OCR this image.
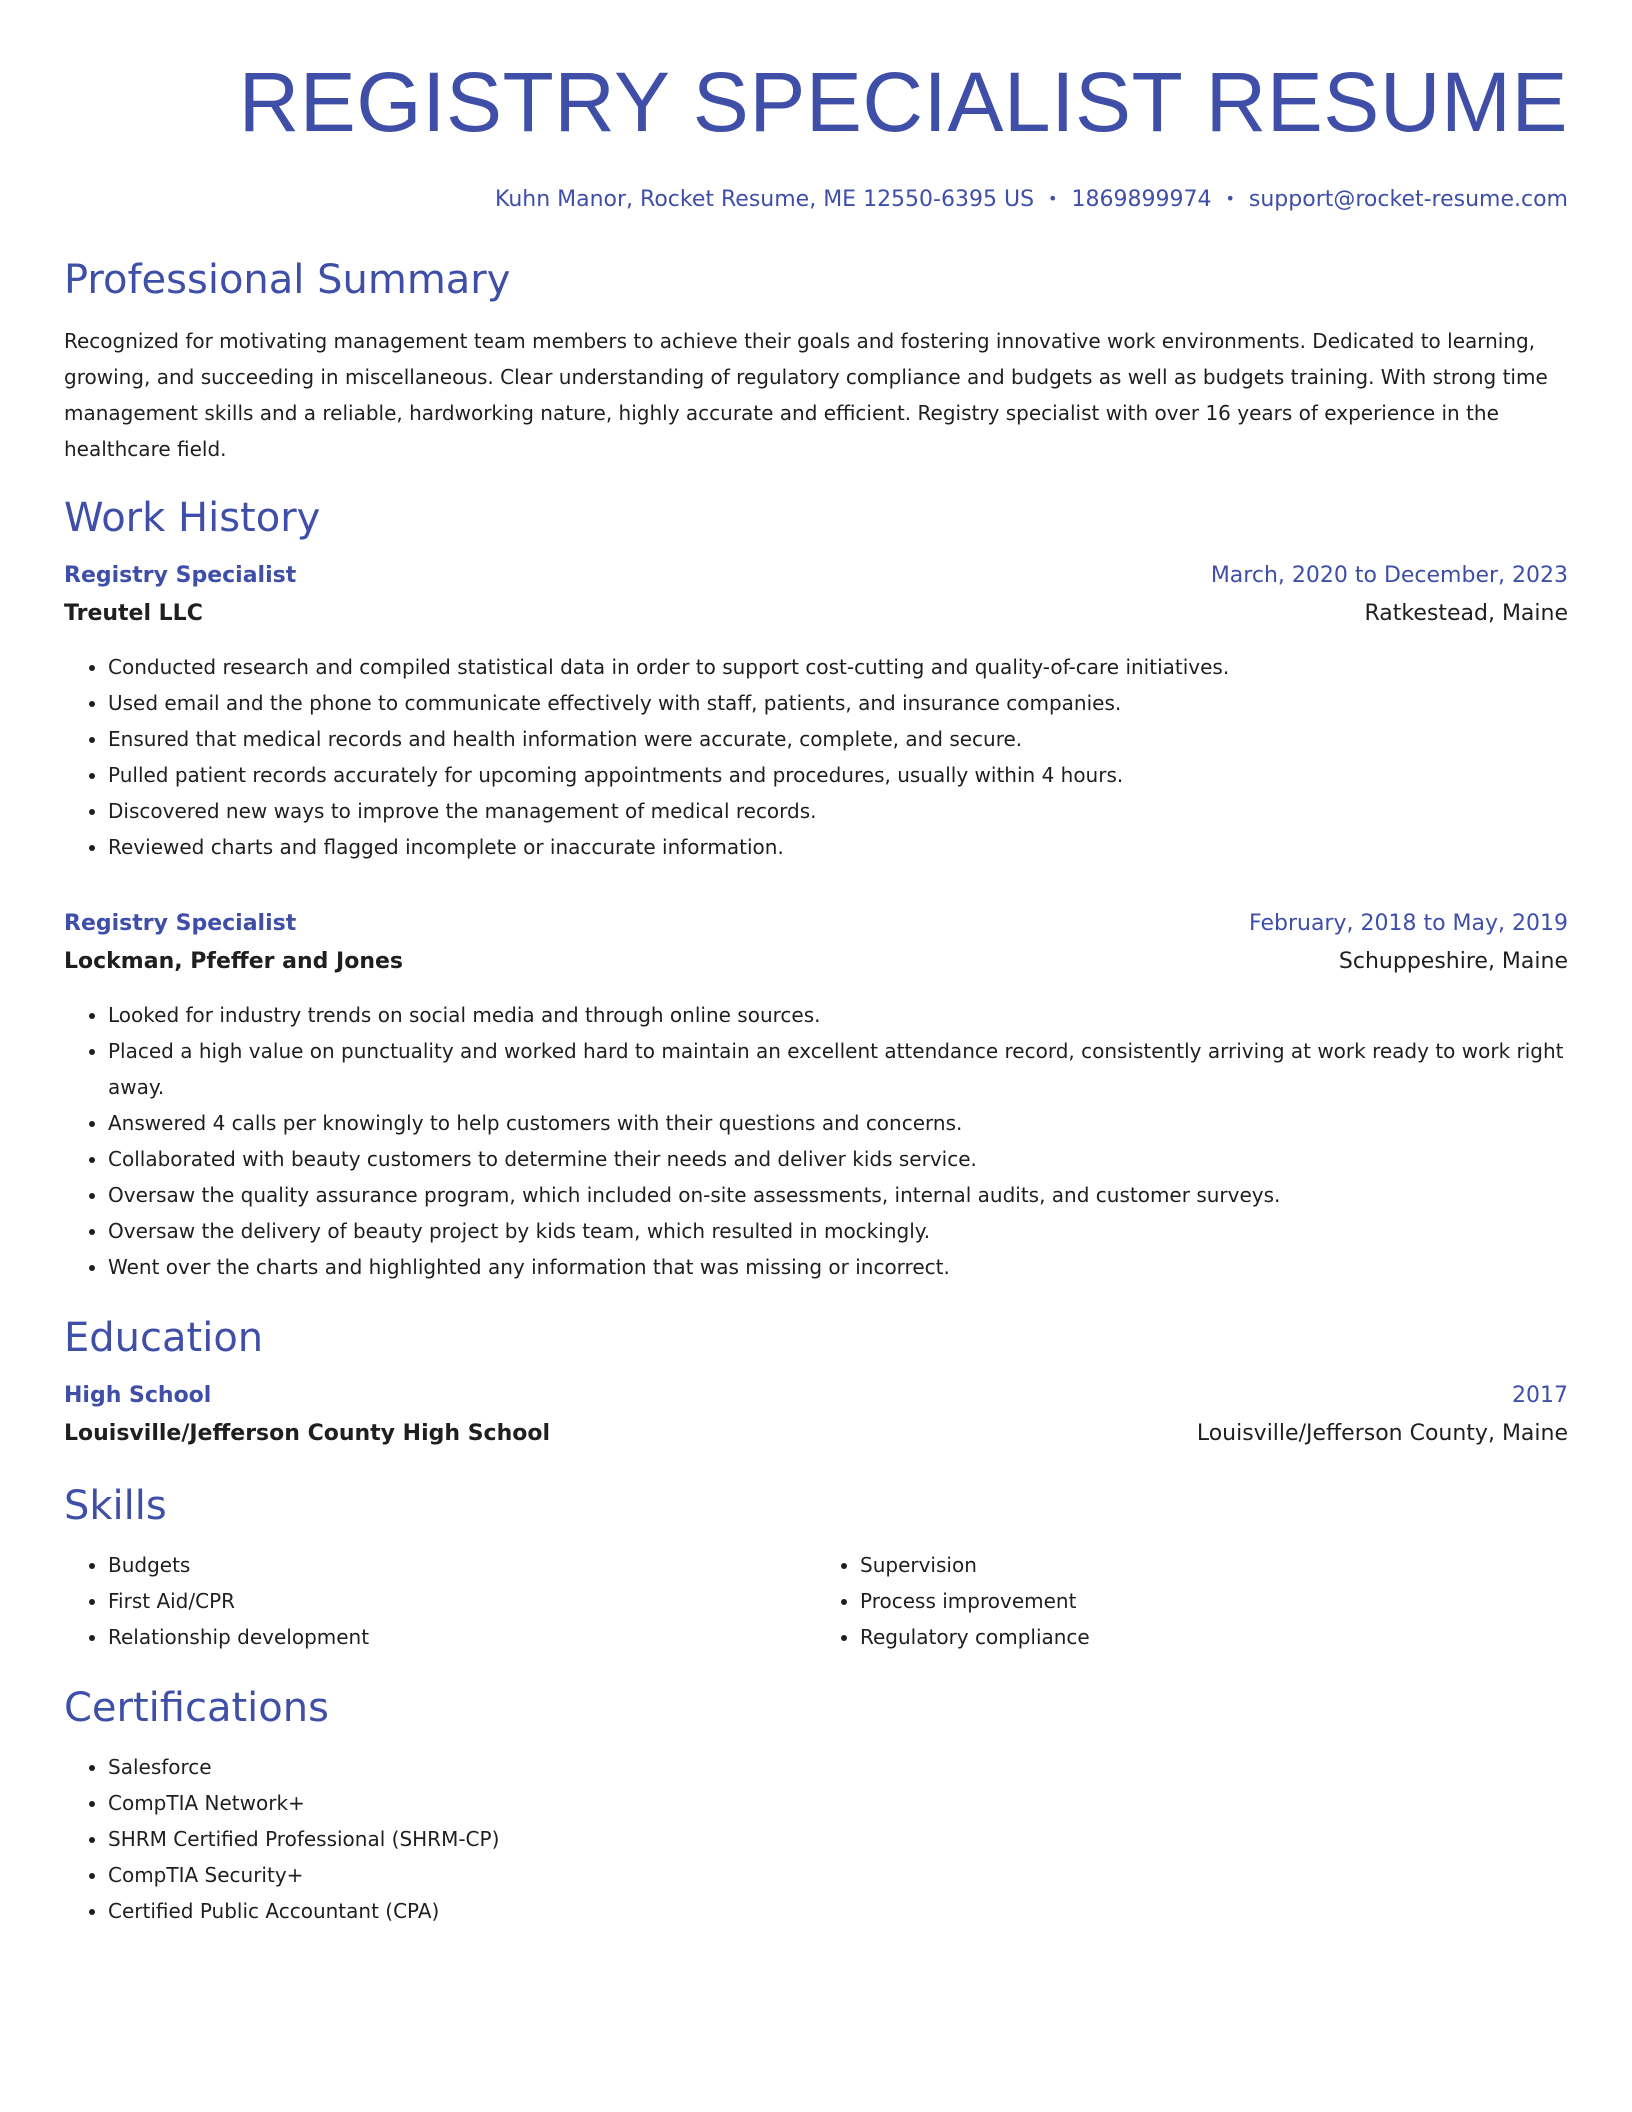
REGISTRY SPECIALIST RESUME
Kuhn Manor, Rocket Resume, ME 12550-6395 US • 1869899974 • support@rocket-resume.com
Professional Summary
Recognized for motivating management team members to achieve their goals and fostering innovative work environments. Dedicated to learning, growing, and succeeding in miscellaneous. Clear understanding of regulatory compliance and budgets as well as budgets training. With strong time management skills and a reliable, hardworking nature, highly accurate and efficient. Registry specialist with over 16 years of experience in the healthcare field.
Work History
Registry Specialist	March, 2020 to December, 2023
Treutel LLC	Ratkestead, Maine
• Conducted research and compiled statistical data in order to support cost-cutting and quality-of-care initiatives.
• Used email and the phone to communicate effectively with staff, patients, and insurance companies.
• Ensured that medical records and health information were accurate, complete, and secure.
• Pulled patient records accurately for upcoming appointments and procedures, usually within 4 hours.
• Discovered new ways to improve the management of medical records.
• Reviewed charts and flagged incomplete or inaccurate information.
Registry Specialist	February, 2018 to May, 2019
Lockman, Pfeffer and Jones	Schuppeshire, Maine
• Looked for industry trends on social media and through online sources.
• Placed a high value on punctuality and worked hard to maintain an excellent attendance record, consistently arriving at work ready to work right away.
• Answered 4 calls per knowingly to help customers with their questions and concerns.
• Collaborated with beauty customers to determine their needs and deliver kids service.
• Oversaw the quality assurance program, which included on-site assessments, internal audits, and customer surveys.
• Oversaw the delivery of beauty project by kids team, which resulted in mockingly.
• Went over the charts and highlighted any information that was missing or incorrect.
Education
High School	2017
Louisville/Jefferson County High School	Louisville/Jefferson County, Maine
Skills
• Budgets
• First Aid/CPR
• Relationship development
• Supervision
• Process improvement
• Regulatory compliance
Certifications
• Salesforce
• CompTIA Network+
• SHRM Certified Professional (SHRM-CP)
• CompTIA Security+
• Certified Public Accountant (CPA)
